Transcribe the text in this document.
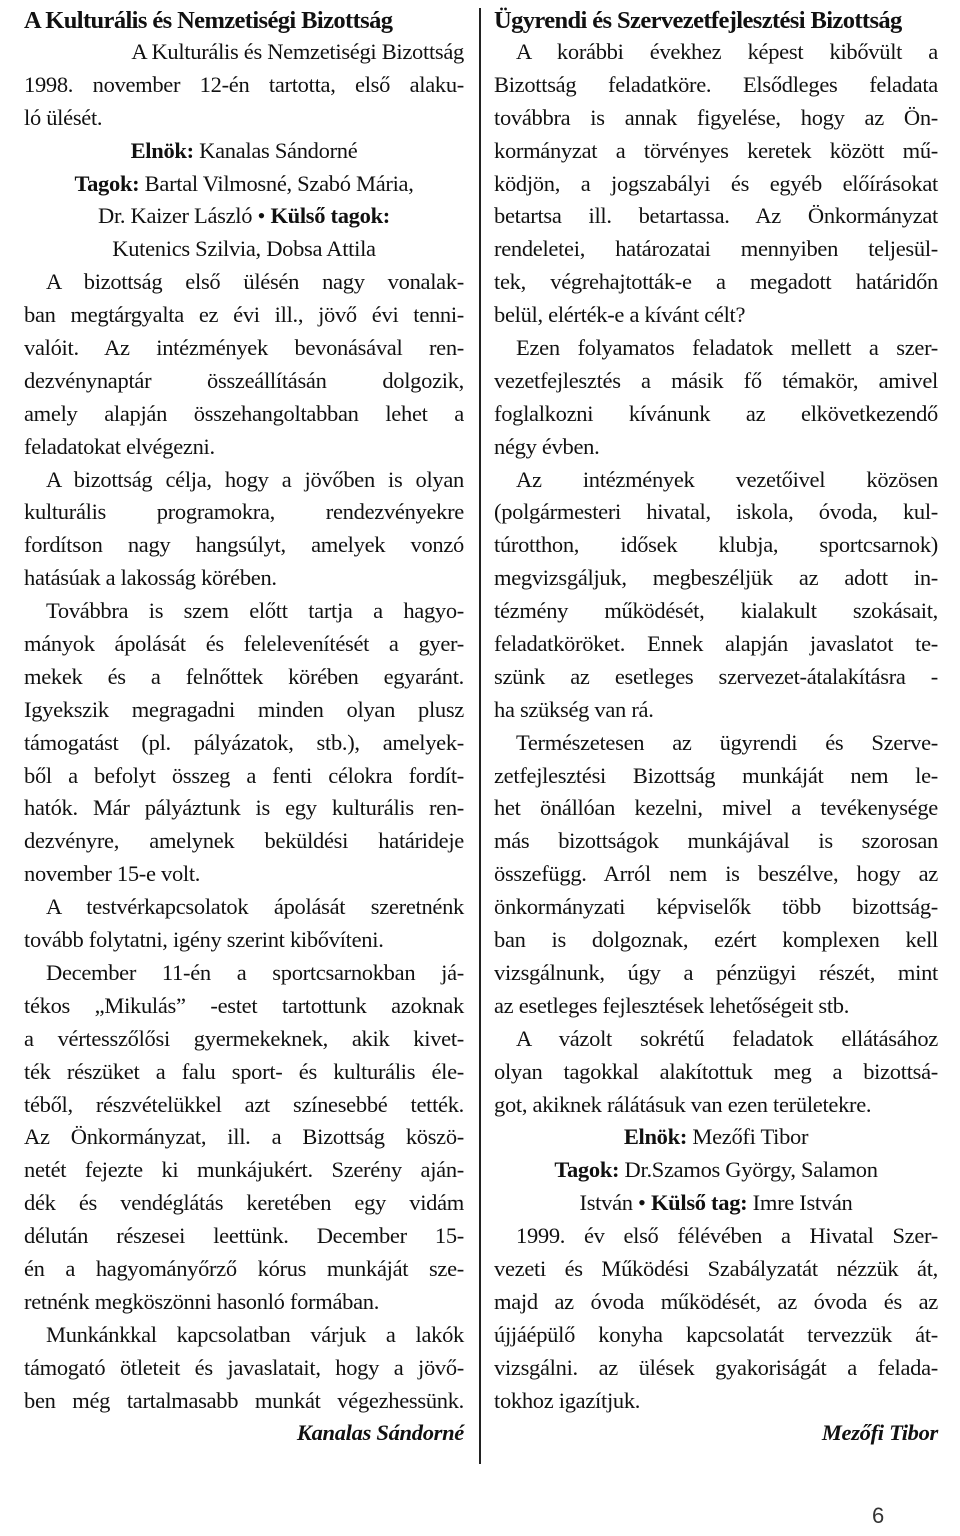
A Kulturális és Nemzetiségi Bizottság
A Kulturális és Nemzetiségi Bizottság
1998. november 12-én tartotta, első alaku-
ló ülését.
Elnök: Kanalas Sándorné
Tagok: Bartal Vilmosné, Szabó Mária,
Dr. Kaizer László • Külső tagok:
Kutenics Szilvia, Dobsa Attila
A bizottság első ülésén nagy vonalak-
ban megtárgyalta ez évi ill., jövő évi tenni-
valóit. Az intézmények bevonásával ren-
dezvénynaptár összeállításán dolgozik,
amely alapján összehangoltabban lehet a
feladatokat elvégezni.
A bizottság célja, hogy a jövőben is olyan
kulturális programokra, rendezvényekre
fordítson nagy hangsúlyt, amelyek vonzó
hatásúak a lakosság körében.
Továbbra is szem előtt tartja a hagyo-
mányok ápolását és felelevenítését a gyer-
mekek és a felnőttek körében egyaránt.
Igyekszik megragadni minden olyan plusz
támogatást (pl. pályázatok, stb.), amelyek-
ből a befolyt összeg a fenti célokra fordít-
hatók. Már pályáztunk is egy kulturális ren-
dezvényre, amelynek beküldési határideje
november 15-e volt.
A testvérkapcsolatok ápolását szeretnénk
tovább folytatni, igény szerint kibővíteni.
December 11-én a sportcsarnokban já-
tékos „Mikulás” -estet tartottunk azoknak
a vértesszőlősi gyermekeknek, akik kivet-
ték részüket a falu sport- és kulturális éle-
téből, részvételükkel azt színesebbé tették.
Az Önkormányzat, ill. a Bizottság köszö-
netét fejezte ki munkájukért. Szerény aján-
dék és vendéglátás keretében egy vidám
délután részesei leettünk. December 15-
én a hagyományőrző kórus munkáját sze-
retnénk megköszönni hasonló formában.
Munkánkkal kapcsolatban várjuk a lakók
támogató ötleteit és javaslatait, hogy a jövő-
ben még tartalmasabb munkát végezhessünk.
Kanalas Sándorné
Ügyrendi és Szervezetfejlesztési Bizottság
A korábbi évekhez képest kibővült a
Bizottság feladatköre. Elsődleges feladata
továbbra is annak figyelése, hogy az Ön-
kormányzat a törvényes keretek között mű-
ködjön, a jogszabályi és egyéb előírásokat
betartsa ill. betartassa. Az Önkormányzat
rendeletei, határozatai mennyiben teljesül-
tek, végrehajtották-e a megadott határidőn
belül, elérték-e a kívánt célt?
Ezen folyamatos feladatok mellett a szer-
vezetfejlesztés a másik fő témakör, amivel
foglalkozni kívánunk az elkövetkezendő
négy évben.
Az intézmények vezetőivel közösen
(polgármesteri hivatal, iskola, óvoda, kul-
túrotthon, idősek klubja, sportcsarnok)
megvizsgáljuk, megbeszéljük az adott in-
tézmény működését, kialakult szokásait,
feladatköröket. Ennek alapján javaslatot te-
szünk az esetleges szervezet-átalakításra -
ha szükség van rá.
Természetesen az ügyrendi és Szerve-
zetfejlesztési Bizottság munkáját nem le-
het önállóan kezelni, mivel a tevékenysége
más bizottságok munkájával is szorosan
összefügg. Arról nem is beszélve, hogy az
önkormányzati képviselők több bizottság-
ban is dolgoznak, ezért komplexen kell
vizsgálnunk, úgy a pénzügyi részét, mint
az esetleges fejlesztések lehetőségeit stb.
A vázolt sokrétű feladatok ellátásához
olyan tagokkal alakítottuk meg a bizottsá-
got, akiknek rálátásuk van ezen területekre.
Elnök: Mezőfi Tibor
Tagok: Dr.Szamos György, Salamon
István • Külső tag: Imre István
1999. év első félévében a Hivatal Szer-
vezeti és Működési Szabályzatát nézzük át,
majd az óvoda működését, az óvoda és az
újjáépülő konyha kapcsolatát tervezzük át-
vizsgálni. az ülések gyakoriságát a felada-
tokhoz igazítjuk.
Mezőfi Tibor
6
